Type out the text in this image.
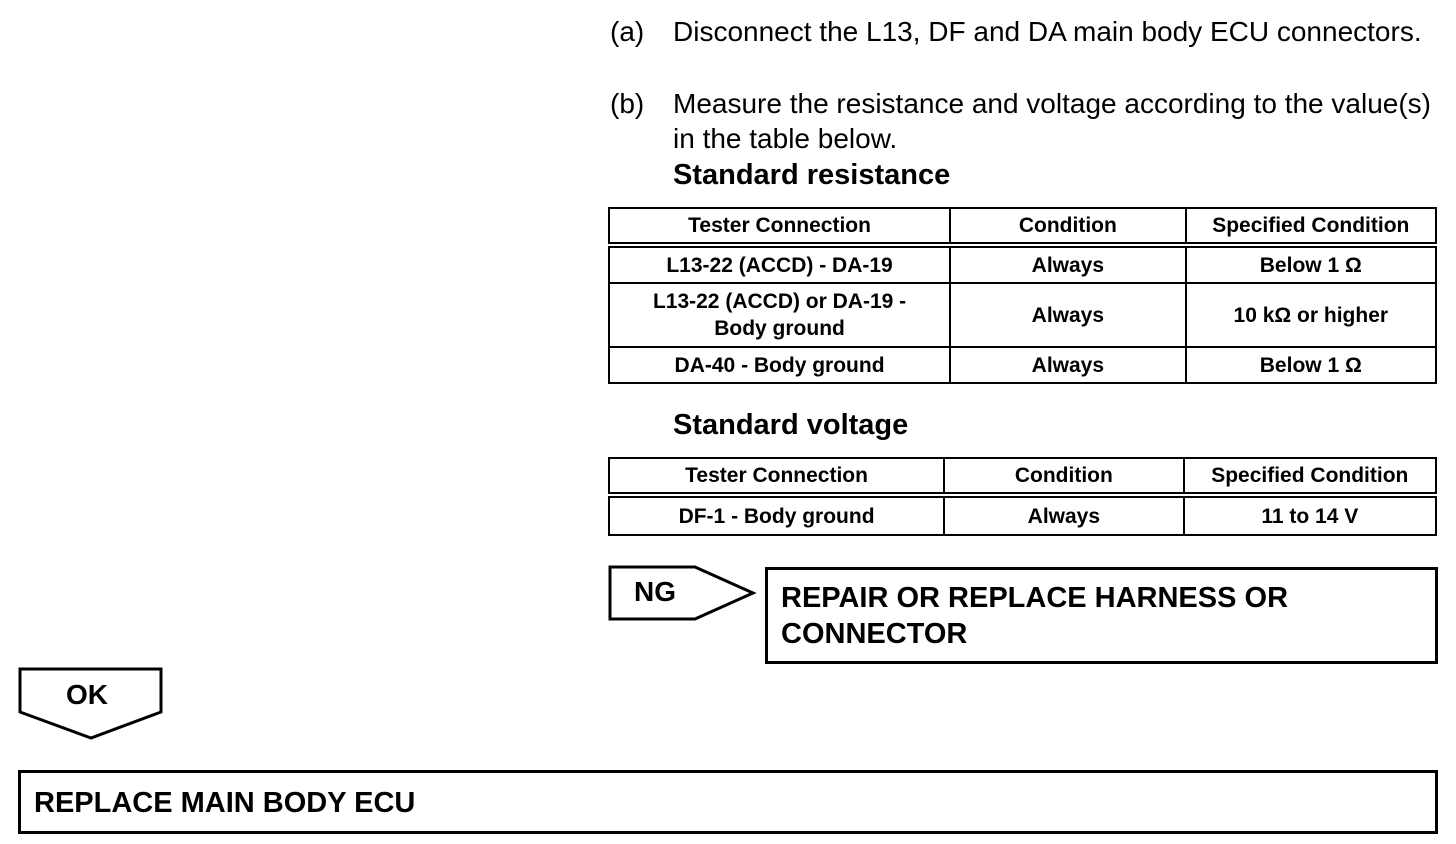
(a) Disconnect the L13, DF and DA main body ECU connectors.
(b) Measure the resistance and voltage according to the value(s) in the table below.
Standard resistance
Tester Connection	Condition	Specified Condition
L13-22 (ACCD) - DA-19	Always	Below 1 Ω
L13-22 (ACCD) or DA-19 - Body ground	Always	10 kΩ or higher
DA-40 - Body ground	Always	Below 1 Ω
Standard voltage
Tester Connection	Condition	Specified Condition
DF-1 - Body ground	Always	11 to 14 V
NG	REPAIR OR REPLACE HARNESS OR CONNECTOR
OK
REPLACE MAIN BODY ECU
